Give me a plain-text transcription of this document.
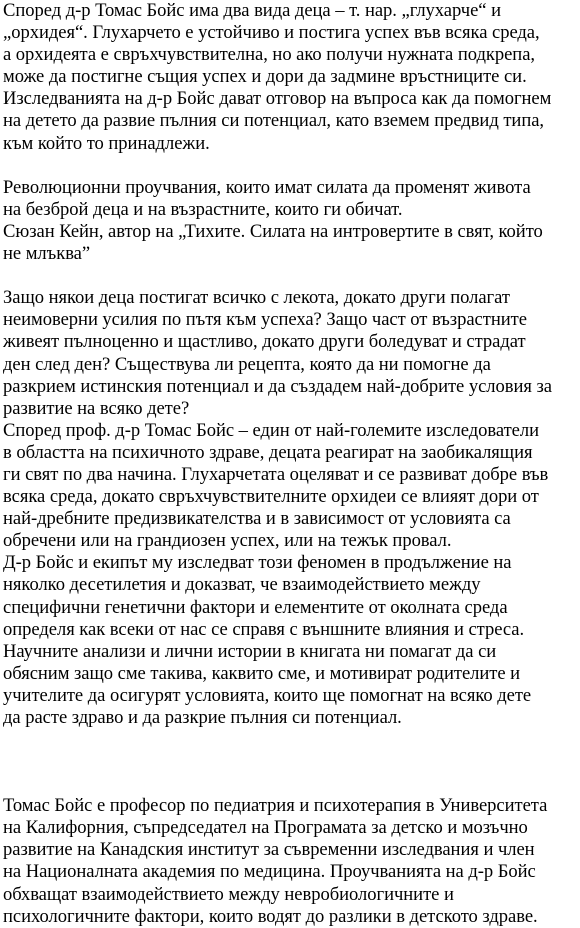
Според д-р Томас Бойс има два вида деца – т. нар. „глухарче“ и
„орхидея“. Глухарчето е устойчиво и постига успех във всяка среда,
а орхидеята е свръхчувствителна, но ако получи нужната подкрепа,
може да постигне същия успех и дори да задмине връстниците си.
Изследванията на д-р Бойс дават отговор на въпроса как да помогнем
на детето да развие пълния си потенциал, като вземем предвид типа,
към който то принадлежи.
Революционни проучвания, които имат силата да променят живота
на безброй деца и на възрастните, които ги обичат.
Сюзан Кейн, автор на „Тихите. Силата на интровертите в свят, който
не млъква”
Защо някои деца постигат всичко с лекота, докато други полагат
неимоверни усилия по пътя към успеха? Защо част от възрастните
живеят пълноценно и щастливо, докато други боледуват и страдат
ден след ден? Съществува ли рецепта, която да ни помогне да
разкрием истинския потенциал и да създадем най-добрите условия за
развитие на всяко дете?
Според проф. д-р Томас Бойс – един от най-големите изследователи
в областта на психичното здраве, децата реагират на заобикалящия
ги свят по два начина. Глухарчетата оцеляват и се развиват добре във
всяка среда, докато свръхчувствителните орхидеи се влияят дори от
най-дребните предизвикателства и в зависимост от условията са
обречени или на грандиозен успех, или на тежък провал.
Д-р Бойс и екипът му изследват този феномен в продължение на
няколко десетилетия и доказват, че взаимодействието между
специфични генетични фактори и елементите от околната среда
определя как всеки от нас се справя с външните влияния и стреса.
Научните анализи и лични истории в книгата ни помагат да си
обясним защо сме такива, каквито сме, и мотивират родителите и
учителите да осигурят условията, които ще помогнат на всяко дете
да расте здраво и да разкрие пълния си потенциал.
Томас Бойс е професор по педиатрия и психотерапия в Университета
на Калифорния, съпредседател на Програмата за детско и мозъчно
развитие на Канадския институт за съвременни изследвания и член
на Националната академия по медицина. Проучванията на д-р Бойс
обхващат взаимодействието между невробиологичните и
психологичните фактори, които водят до разлики в детското здраве.
